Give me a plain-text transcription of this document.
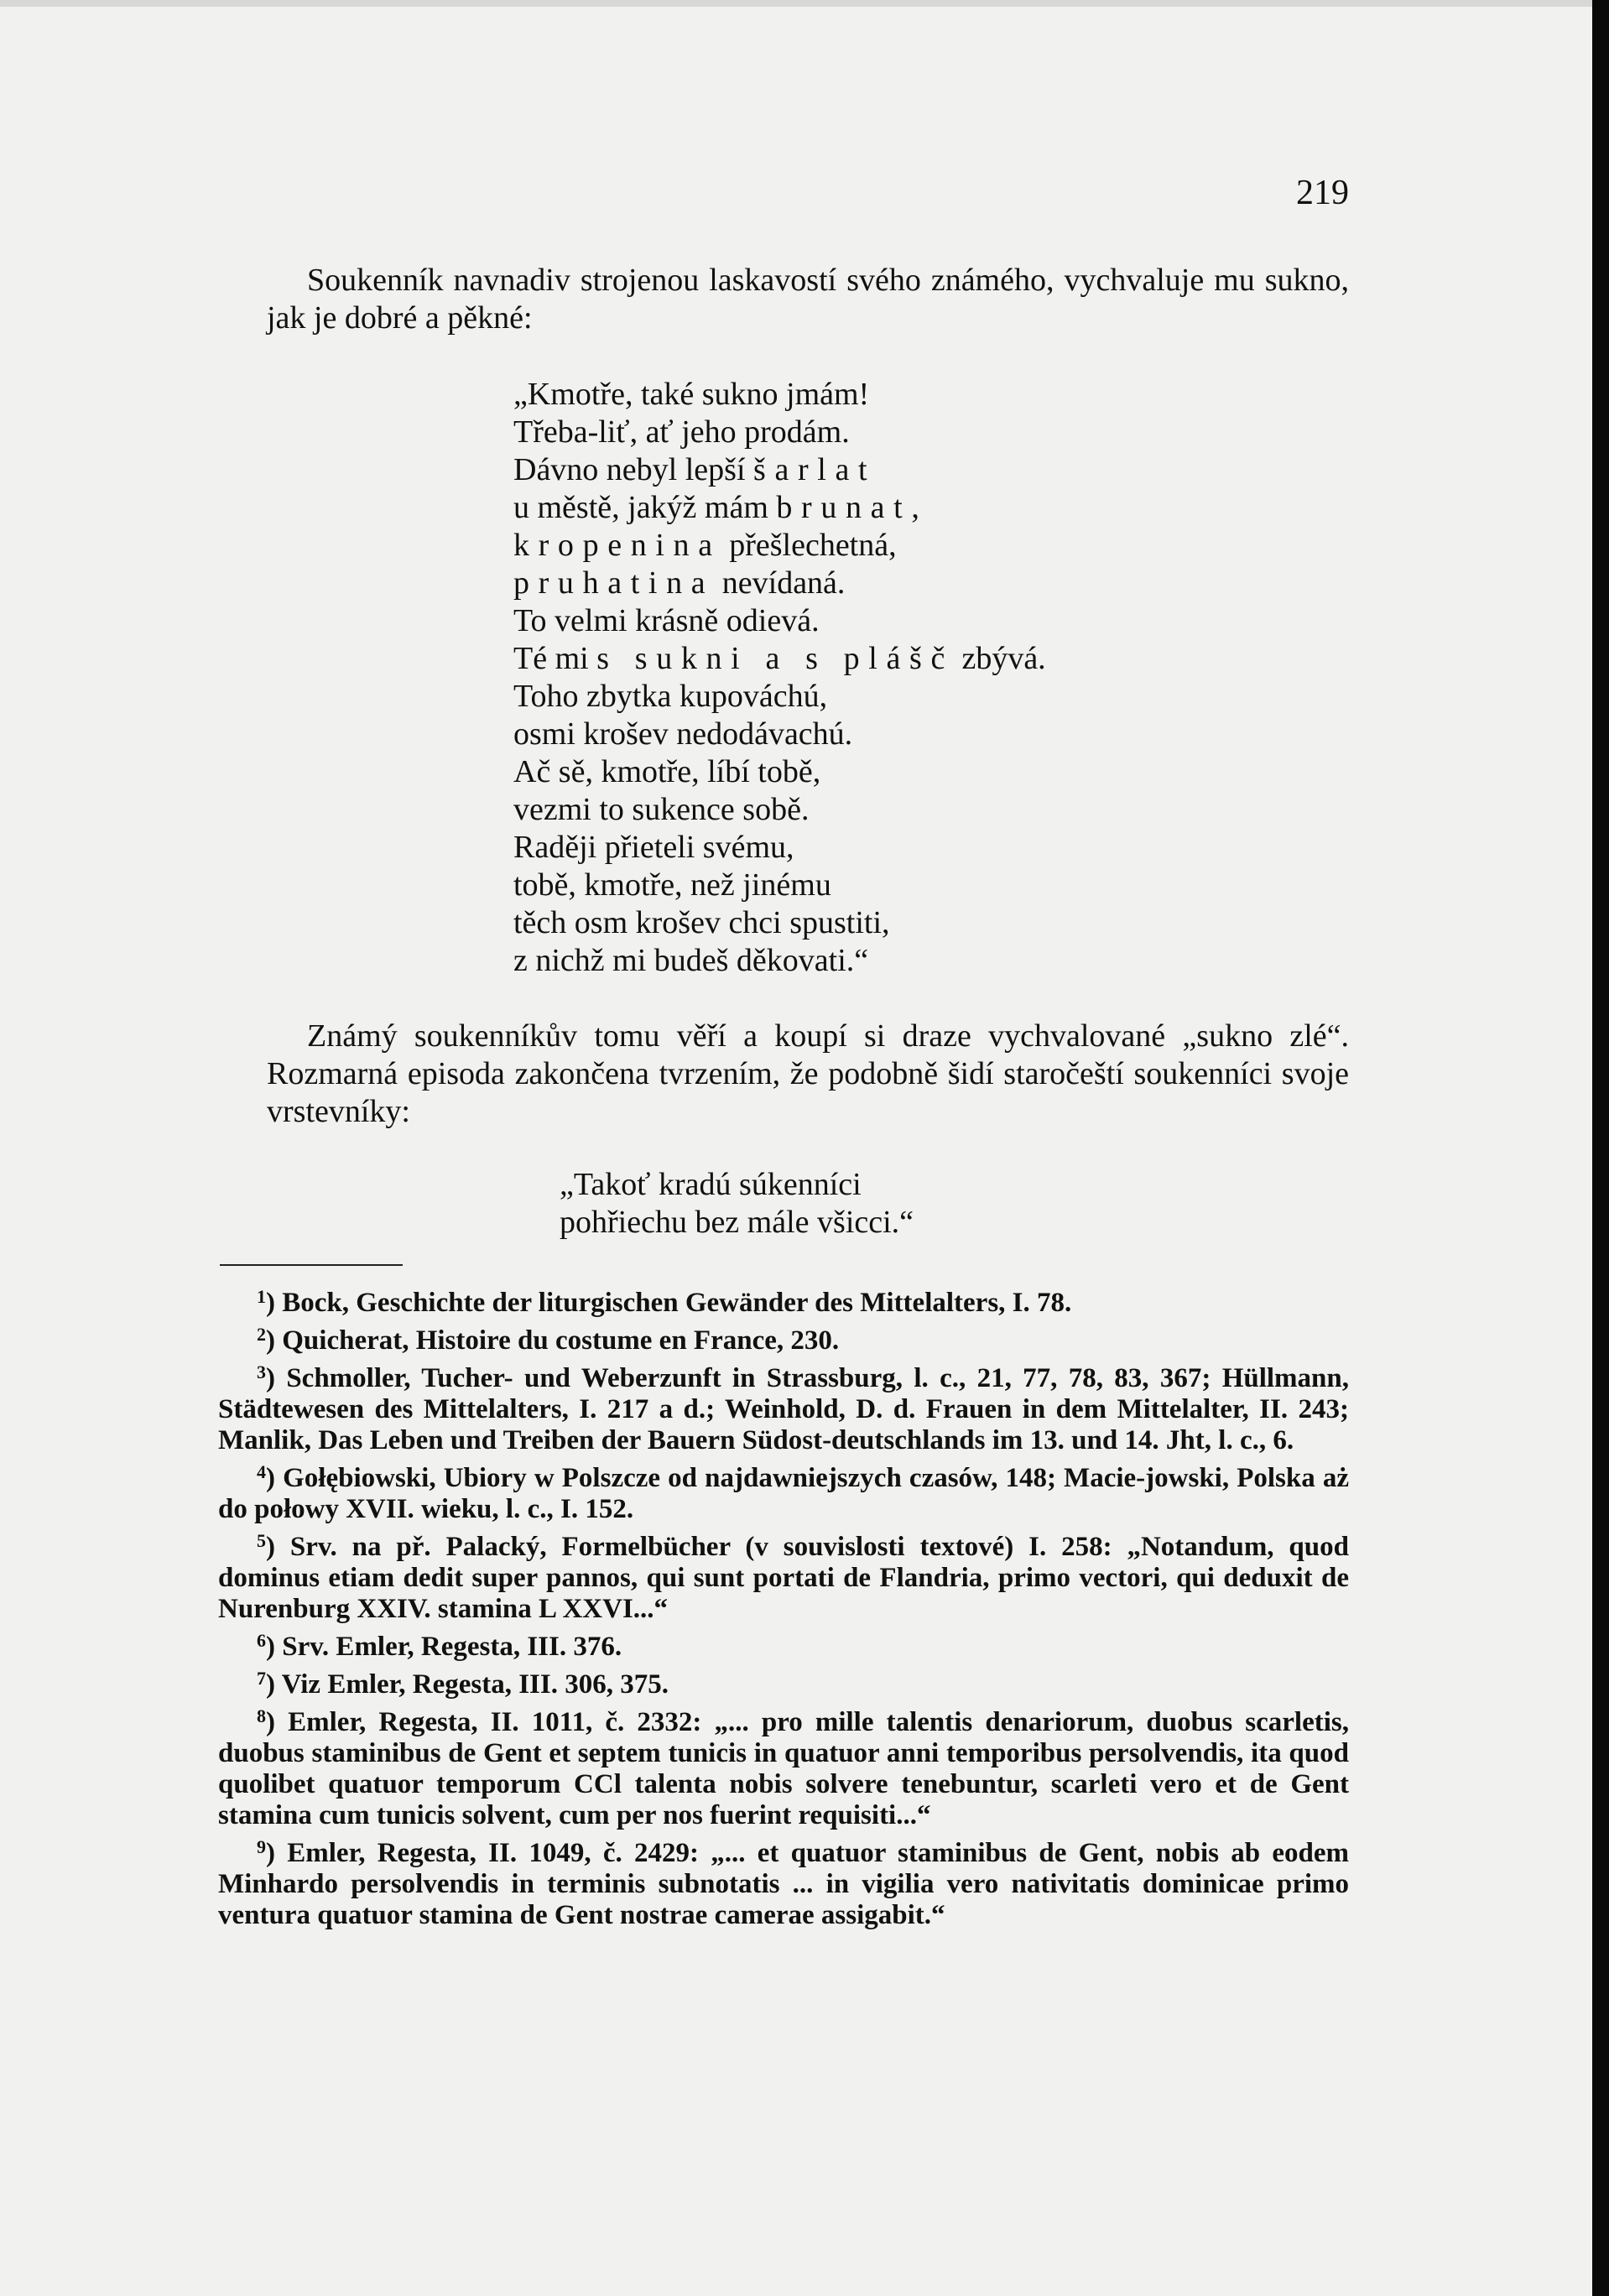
219

Soukenník navnadiv strojenou laskavostí svého známého, vychvaluje mu sukno, jak je dobré a pěkné:

„Kmotře, také sukno jmám!
Třeba-liť, ať jeho prodám.
Dávno nebyl lepší šarlat
u městě, jakýž mám brunat,
kropenina přešlechetná,
pruhatina nevídaná.
To velmi krásně odievá.
Té mi s sukni a s plášč zbývá.
Toho zbytka kupováchú,
osmi krošev nedodávachú.
Ač sě, kmotře, líbí tobě,
vezmi to sukence sobě.
Raději přieteli svému,
tobě, kmotře, než jinému
těch osm krošev chci spustiti,
z nichž mi budeš děkovati.“

Známý soukenníkův tomu věří a koupí si draze vychvalované „sukno zlé“. Rozmarná episoda zakončena tvrzením, že podobně šidí staročeští soukenníci svoje vrstevníky:

„Takoť kradú súkenníci
pohřiechu bez mále všicci.“
$^1$) Bock, Geschichte der liturgischen Gewänder des Mittelalters, I. 78.
$^2$) Quicherat, Histoire du costume en France, 230.
$^3$) Schmoller, Tucher- und Weberzunft in Strassburg, l. c., 21, 77, 78, 83, 367; Hüllmann, Städtewesen des Mittelalters, I. 217 a d.; Weinhold, D. d. Frauen in dem Mittelalter, II. 243; Manlik, Das Leben und Treiben der Bauern Südost-deutschlands im 13. und 14. Jht, l. c., 6.
$^4$) Gołębiowski, Ubiory w Polszcze od najdawniejszych czasów, 148; Macie-jowski, Polska aż do połowy XVII. wieku, l. c., I. 152.
$^5$) Srv. na př. Palacký, Formelbücher (v souvislosti textové) I. 258: „Notandum, quod dominus etiam dedit super pannos, qui sunt portati de Flandria, primo vectori, qui deduxit de Nurenburg XXIV. stamina L XXVI...“
$^6$) Srv. Emler, Regesta, III. 376.
$^7$) Viz Emler, Regesta, III. 306, 375.
$^8$) Emler, Regesta, II. 1011, č. 2332: „... pro mille talentis denariorum, duobus scarletis, duobus staminibus de Gent et septem tunicis in quatuor anni temporibus persolvendis, ita quod quolibet quatuor temporum CCl talenta nobis solvere tenebuntur, scarleti vero et de Gent stamina cum tunicis solvent, cum per nos fuerint requisiti...“
$^9$) Emler, Regesta, II. 1049, č. 2429: „... et quatuor staminibus de Gent, nobis ab eodem Minhardo persolvendis in terminis subnotatis ... in vigilia vero nativitatis dominicae primo ventura quatuor stamina de Gent nostrae camerae assigabit.“
